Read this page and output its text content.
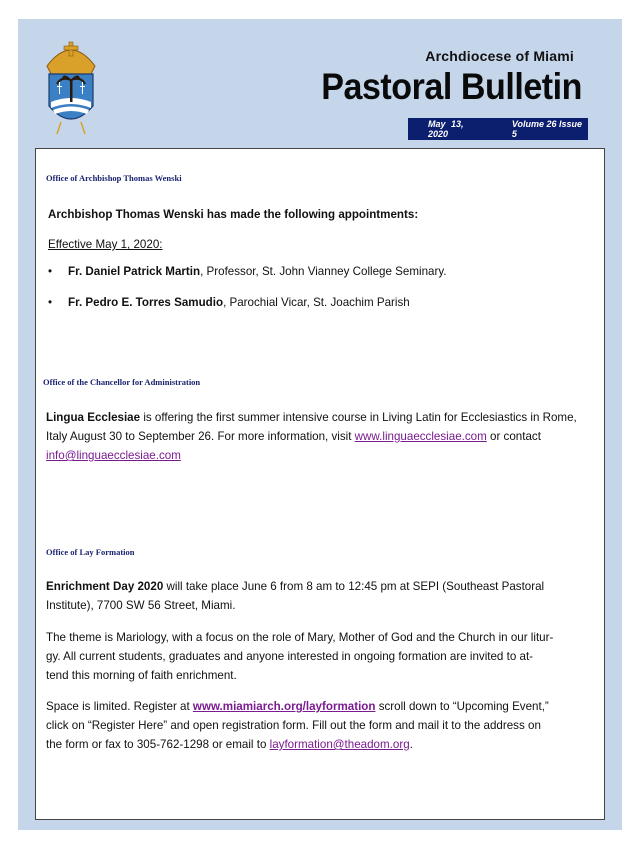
Archdiocese of Miami
Pastoral Bulletin
May 13, 2020
Volume 26 Issue 5
Office of Archbishop Thomas Wenski
Archbishop Thomas Wenski has made the following appointments:
Effective May 1, 2020:
• Fr. Daniel Patrick Martin, Professor, St. John Vianney College Seminary.
• Fr. Pedro E. Torres Samudio, Parochial Vicar, St. Joachim Parish
Office of the Chancellor for Administration
Lingua Ecclesiae is offering the first summer intensive course in Living Latin for Ecclesiastics in Rome,
Italy August 30 to September 26. For more information, visit www.linguaecclesiae.com or contact
info@linguaecclesiae.com
Office of Lay Formation
Enrichment Day 2020 will take place June 6 from 8 am to 12:45 pm at SEPI (Southeast Pastoral
Institute), 7700 SW 56 Street, Miami.
The theme is Mariology, with a focus on the role of Mary, Mother of God and the Church in our litur-
gy. All current students, graduates and anyone interested in ongoing formation are invited to at-
tend this morning of faith enrichment.
Space is limited. Register at www.miamiarch.org/layformation scroll down to “Upcoming Event,”
click on “Register Here” and open registration form. Fill out the form and mail it to the address on
the form or fax to 305-762-1298 or email to layformation@theadom.org.
